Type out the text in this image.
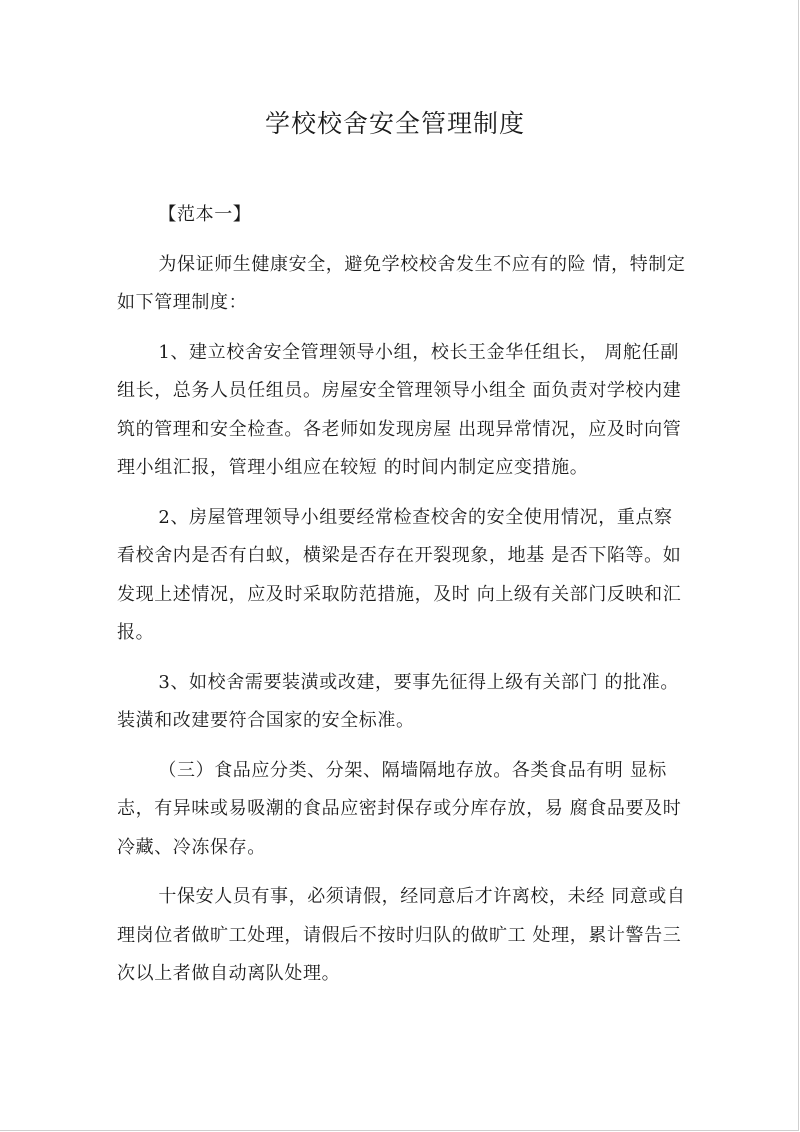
学校校舍安全管理制度

【范本一】

为保证师生健康安全，避免学校校舍发生不应有的险 情，特制定如下管理制度：

1、建立校舍安全管理领导小组，校长王金华任组长， 周舵任副组长，总务人员任组员。房屋安全管理领导小组全 面负责对学校内建筑的管理和安全检查。各老师如发现房屋 出现异常情况，应及时向管理小组汇报，管理小组应在较短 的时间内制定应变措施。

2、房屋管理领导小组要经常检查校舍的安全使用情况，重点察看校舍内是否有白蚁，横梁是否存在开裂现象，地基 是否下陷等。如发现上述情况，应及时采取防范措施，及时 向上级有关部门反映和汇报。

3、如校舍需要装潢或改建，要事先征得上级有关部门 的批准。装潢和改建要符合国家的安全标准。

（三）食品应分类、分架、隔墙隔地存放。各类食品有明 显标志，有异味或易吸潮的食品应密封保存或分库存放，易 腐食品要及时冷藏、冷冻保存。

十保安人员有事，必须请假，经同意后才许离校，未经 同意或自理岗位者做旷工处理，请假后不按时归队的做旷工 处理，累计警告三次以上者做自动离队处理。
